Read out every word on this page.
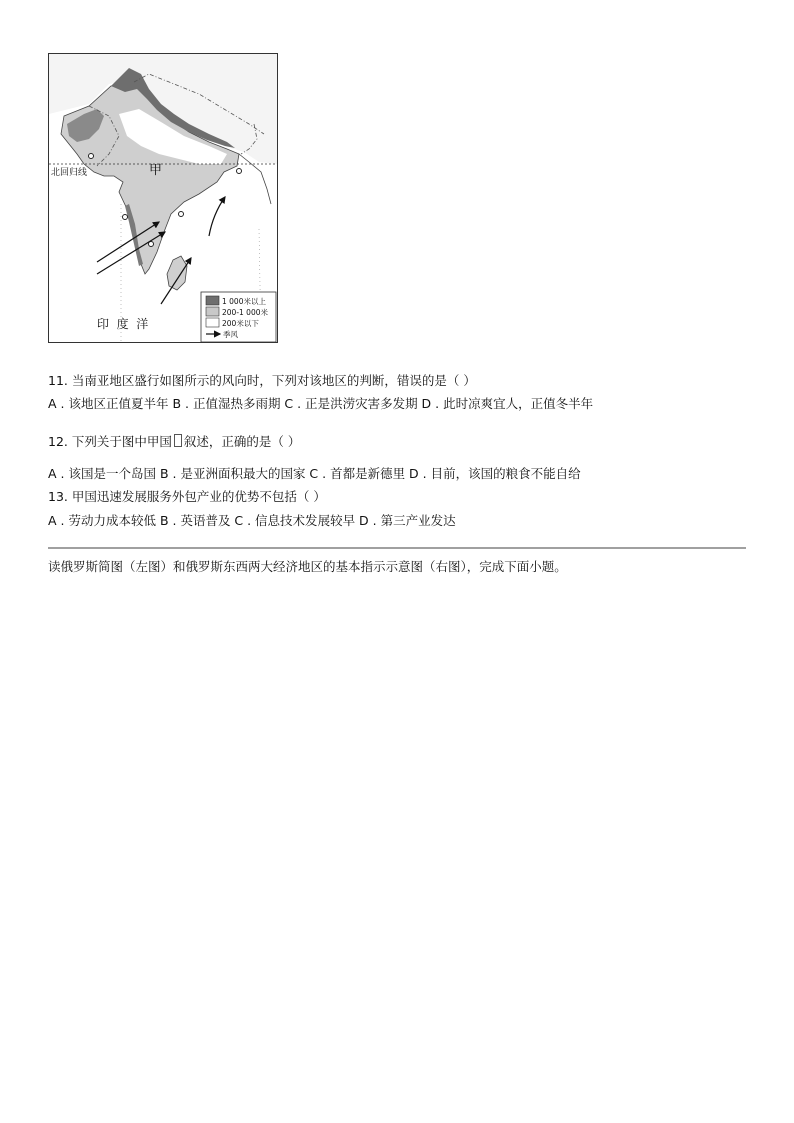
北回归线	甲
印  度  洋
1 000米以上
200-1 000米
200米以下
季风
11. 当南亚地区盛行如图所示的风向时，下列对该地区的判断，错误的是（ ）
A . 该地区正值夏半年 B . 正值湿热多雨期 C . 正是洪涝灾害多发期 D . 此时凉爽宜人，正值冬半年
12. 下列关于图中甲国 叙述，正确的是（ ）
A . 该国是一个岛国 B . 是亚洲面积最大的国家 C . 首都是新德里 D . 目前，该国的粮食不能自给
13. 甲国迅速发展服务外包产业的优势不包括（ ）
A . 劳动力成本较低 B . 英语普及 C . 信息技术发展较早 D . 第三产业发达
读俄罗斯简图（左图）和俄罗斯东西两大经济地区的基本指示示意图（右图），完成下面小题。
